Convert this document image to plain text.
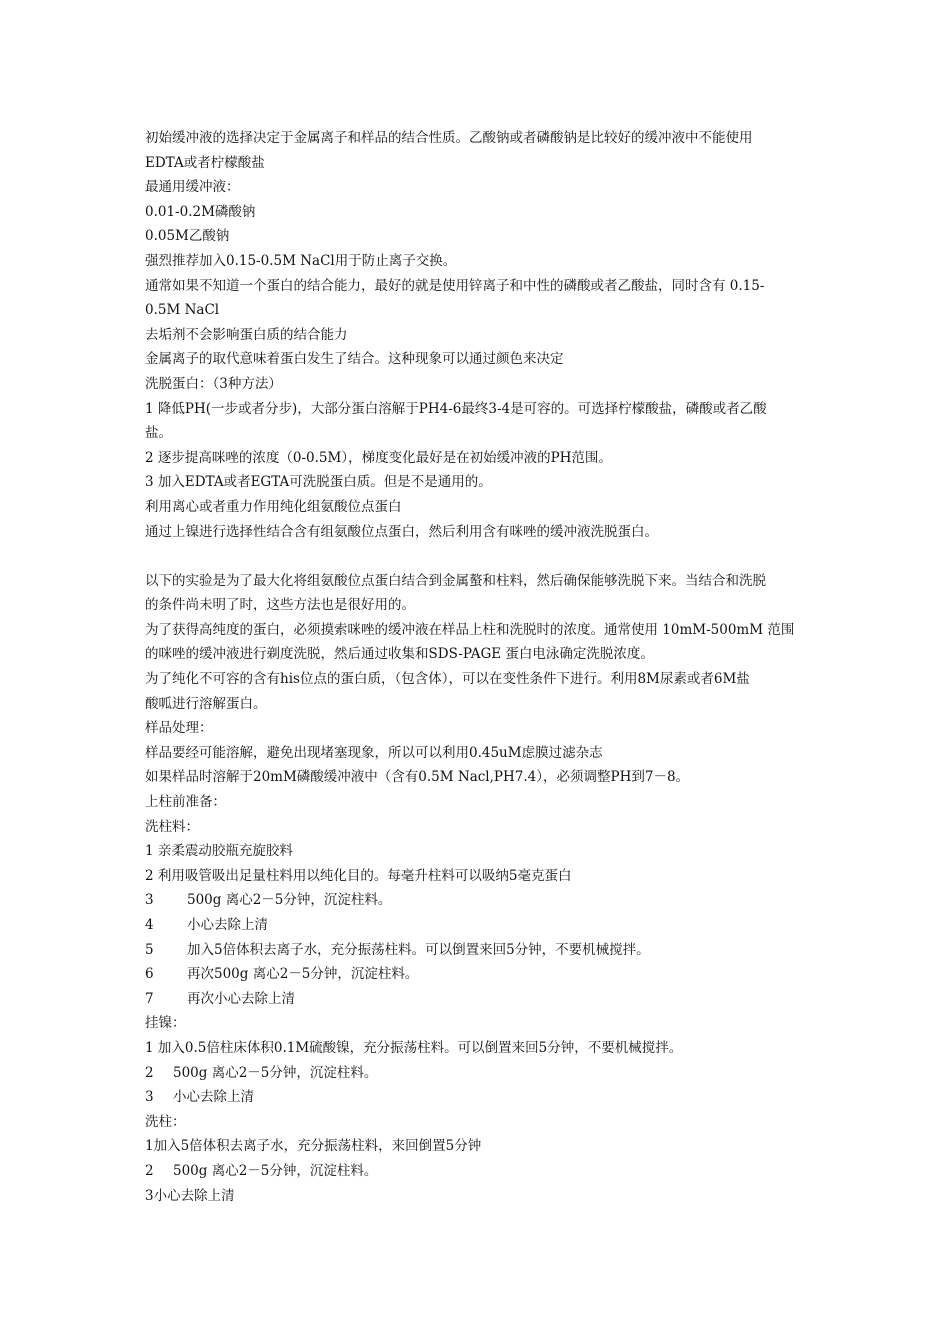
初始缓冲液的选择决定于金属离子和样品的结合性质。乙酸钠或者磷酸钠是比较好的缓冲液中不能使用
EDTA或者柠檬酸盐
最通用缓冲液：
0.01-0.2M磷酸钠
0.05M乙酸钠
强烈推荐加入0.15-0.5M NaCl用于防止离子交换。
通常如果不知道一个蛋白的结合能力，最好的就是使用锌离子和中性的磷酸或者乙酸盐，同时含有 0.15-
0.5M NaCl
去垢剂不会影响蛋白质的结合能力
金属离子的取代意味着蛋白发生了结合。这种现象可以通过颜色来决定
洗脱蛋白：（3种方法）
1 降低PH(一步或者分步)，大部分蛋白溶解于PH4-6最终3-4是可容的。可选择柠檬酸盐，磷酸或者乙酸
盐。
2 逐步提高咪唑的浓度（0-0.5M），梯度变化最好是在初始缓冲液的PH范围。
3 加入EDTA或者EGTA可洗脱蛋白质。但是不是通用的。
利用离心或者重力作用纯化组氨酸位点蛋白
通过上镍进行选择性结合含有组氨酸位点蛋白，然后利用含有咪唑的缓冲液洗脱蛋白。
以下的实验是为了最大化将组氨酸位点蛋白结合到金属螯和柱料，然后确保能够洗脱下来。当结合和洗脱
的条件尚未明了时，这些方法也是很好用的。
为了获得高纯度的蛋白，必须摸索咪唑的缓冲液在样品上柱和洗脱时的浓度。通常使用 10mM-500mM 范围
的咪唑的缓冲液进行剃度洗脱，然后通过收集和SDS-PAGE 蛋白电泳确定洗脱浓度。
为了纯化不可容的含有his位点的蛋白质，（包含体），可以在变性条件下进行。利用8M尿素或者6M盐
酸呱进行溶解蛋白。
样品处理：
样品要经可能溶解，避免出现堵塞现象，所以可以利用0.45uM虑膜过滤杂志
如果样品时溶解于20mM磷酸缓冲液中（含有0.5M Nacl,PH7.4），必须调整PH到7－8。
上柱前准备：
洗柱料：
1 亲柔震动胶瓶充旋胶料
2 利用吸管吸出足量柱料用以纯化目的。每毫升柱料可以吸纳5毫克蛋白
3 500g 离心2－5分钟，沉淀柱料。
4 小心去除上清
5 加入5倍体积去离子水，充分振荡柱料。可以倒置来回5分钟，不要机械搅拌。
6 再次500g 离心2－5分钟，沉淀柱料。
7 再次小心去除上清
挂镍：
1 加入0.5倍柱床体积0.1M硫酸镍，充分振荡柱料。可以倒置来回5分钟，不要机械搅拌。
2 500g 离心2－5分钟，沉淀柱料。
3 小心去除上清
洗柱：
1加入5倍体积去离子水，充分振荡柱料，来回倒置5分钟
2 500g 离心2－5分钟，沉淀柱料。
3小心去除上清
